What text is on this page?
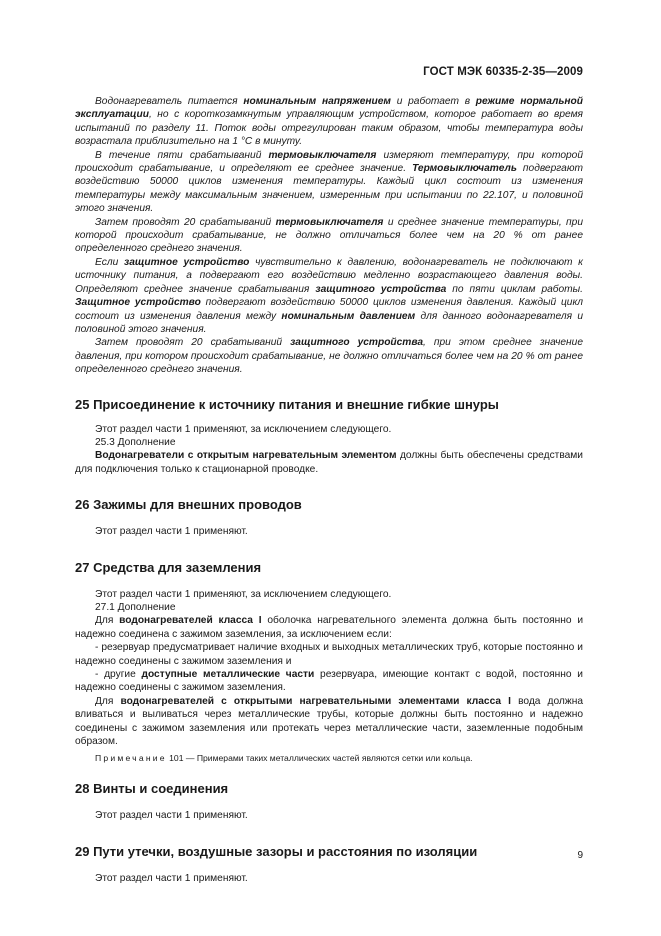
ГОСТ МЭК 60335-2-35—2009

Водонагреватель питается номинальным напряжением и работает в режиме нормальной эксплуатации, но с короткозамкнутым управляющим устройством, которое работает во время испытаний по разделу 11. Поток воды отрегулирован таким образом, чтобы температура воды возрастала приблизительно на 1 °С в минуту.

В течение пяти срабатываний термовыключателя измеряют температуру, при которой происходит срабатывание, и определяют ее среднее значение. Термовыключатель подвергают воздействию 50000 циклов изменения температуры. Каждый цикл состоит из изменения температуры между максимальным значением, измеренным при испытании по 22.107, и половиной этого значения.

Затем проводят 20 срабатываний термовыключателя и среднее значение температуры, при которой происходит срабатывание, не должно отличаться более чем на 20 % от ранее определенного среднего значения.

Если защитное устройство чувствительно к давлению, водонагреватель не подключают к источнику питания, а подвергают его воздействию медленно возрастающего давления воды. Определяют среднее значение срабатывания защитного устройства по пяти циклам работы. Защитное устройство подвергают воздействию 50000 циклов изменения давления. Каждый цикл состоит из изменения давления между номинальным давлением для данного водонагревателя и половиной этого значения.

Затем проводят 20 срабатываний защитного устройства, при этом среднее значение давления, при котором происходит срабатывание, не должно отличаться более чем на 20 % от ранее определенного среднего значения.

25 Присоединение к источнику питания и внешние гибкие шнуры

Этот раздел части 1 применяют, за исключением следующего.

25.3 Дополнение

Водонагреватели с открытым нагревательным элементом должны быть обеспечены средствами для подключения только к стационарной проводке.

26 Зажимы для внешних проводов

Этот раздел части 1 применяют.

27 Средства для заземления

Этот раздел части 1 применяют, за исключением следующего.

27.1 Дополнение

Для водонагревателей класса I оболочка нагревательного элемента должна быть постоянно и надежно соединена с зажимом заземления, за исключением если:

- резервуар предусматривает наличие входных и выходных металлических труб, которые постоянно и надежно соединены с зажимом заземления и

- другие доступные металлические части резервуара, имеющие контакт с водой, постоянно и надежно соединены с зажимом заземления.

Для водонагревателей с открытыми нагревательными элементами класса I вода должна вливаться и выливаться через металлические трубы, которые должны быть постоянно и надежно соединены с зажимом заземления или протекать через металлические части, заземленные подобным образом.

Примечание 101 — Примерами таких металлических частей являются сетки или кольца.

28 Винты и соединения

Этот раздел части 1 применяют.

29 Пути утечки, воздушные зазоры и расстояния по изоляции

Этот раздел части 1 применяют.

9
